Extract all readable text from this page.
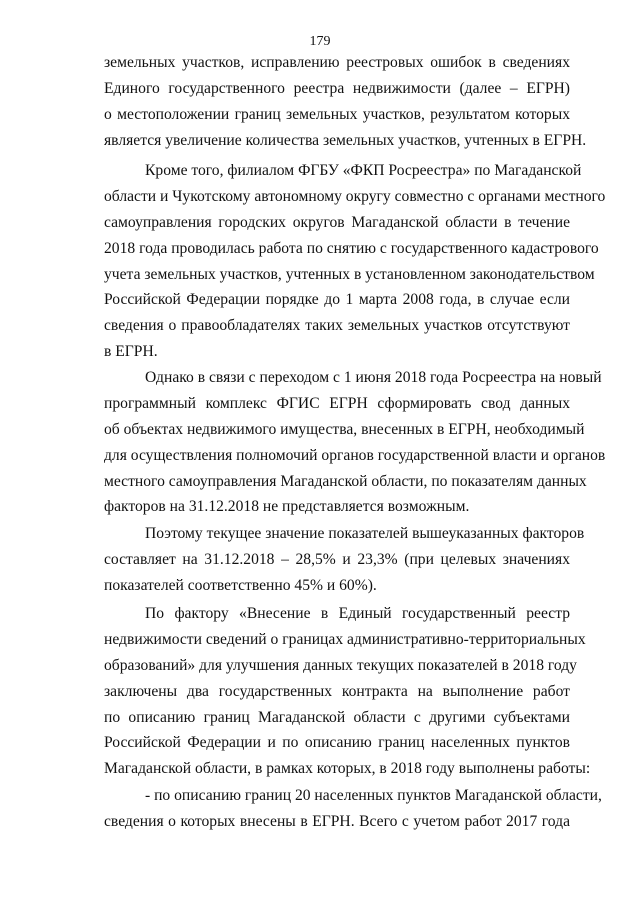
179
земельных участков, исправлению реестровых ошибок в сведениях
Единого государственного реестра недвижимости (далее – ЕГРН)
о местоположении границ земельных участков, результатом которых
является увеличение количества земельных участков, учтенных в ЕГРН.
Кроме того, филиалом ФГБУ «ФКП Росреестра» по Магаданской
области и Чукотскому автономному округу совместно с органами местного
самоуправления городских округов Магаданской области в течение
2018 года проводилась работа по снятию с государственного кадастрового
учета земельных участков, учтенных в установленном законодательством
Российской Федерации порядке до 1 марта 2008 года, в случае если
сведения о правообладателях таких земельных участков отсутствуют
в ЕГРН.
Однако в связи с переходом с 1 июня 2018 года Росреестра на новый
программный комплекс ФГИС ЕГРН сформировать свод данных
об объектах недвижимого имущества, внесенных в ЕГРН, необходимый
для осуществления полномочий органов государственной власти и органов
местного самоуправления Магаданской области, по показателям данных
факторов на 31.12.2018 не представляется возможным.
Поэтому текущее значение показателей вышеуказанных факторов
составляет на 31.12.2018 – 28,5% и 23,3% (при целевых значениях
показателей соответственно 45% и 60%).
По фактору «Внесение в Единый государственный реестр
недвижимости сведений о границах административно-территориальных
образований» для улучшения данных текущих показателей в 2018 году
заключены два государственных контракта на выполнение работ
по описанию границ Магаданской области с другими субъектами
Российской Федерации и по описанию границ населенных пунктов
Магаданской области, в рамках которых, в 2018 году выполнены работы:
- по описанию границ 20 населенных пунктов Магаданской области,
сведения о которых внесены в ЕГРН. Всего с учетом работ 2017 года
